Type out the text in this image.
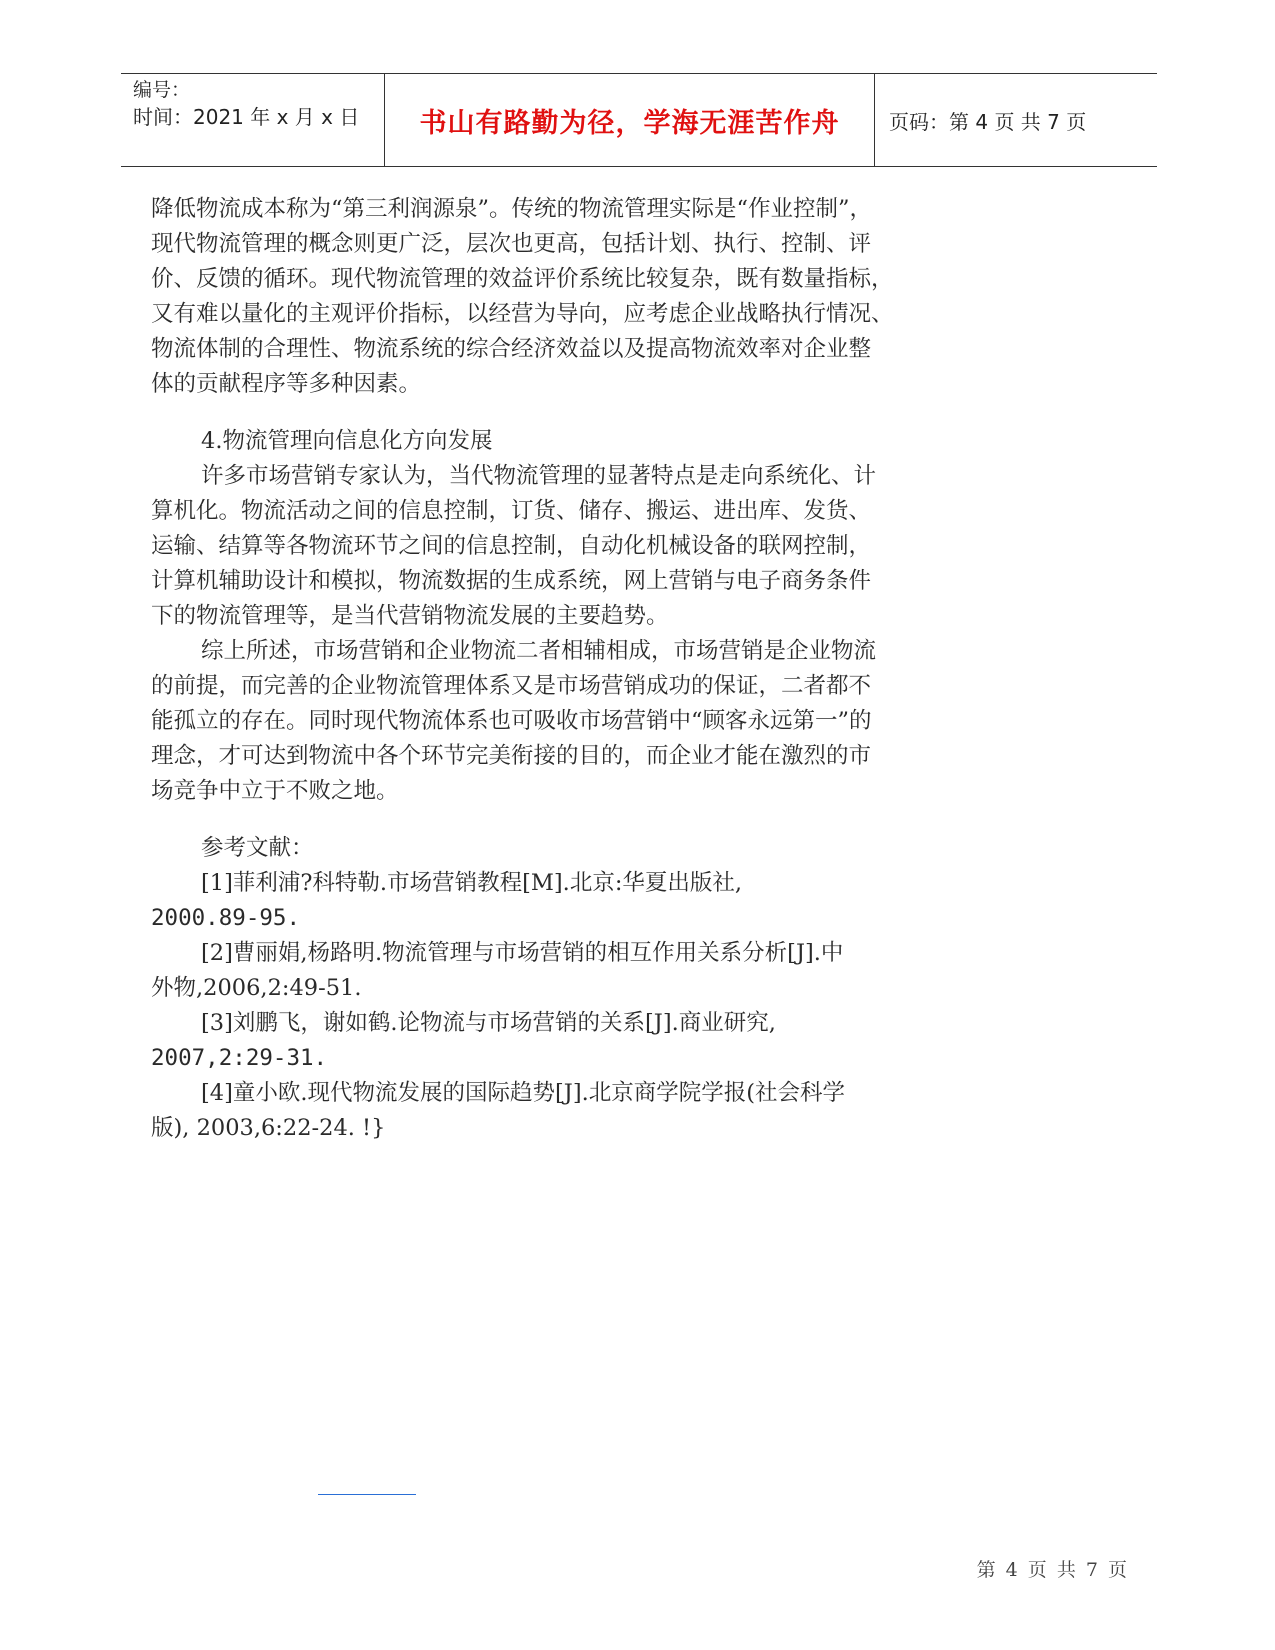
编号：
时间：2021 年 x 月 x 日 书山有路勤为径，学海无涯苦作舟 页码：第 4 页 共 7 页

降低物流成本称为“第三利润源泉”。传统的物流管理实际是“作业控制”，

现代物流管理的概念则更广泛，层次也更高，包括计划、执行、控制、评

价、反馈的循环。现代物流管理的效益评价系统比较复杂，既有数量指标，

又有难以量化的主观评价指标，以经营为导向，应考虑企业战略执行情况、

物流体制的合理性、物流系统的综合经济效益以及提高物流效率对企业整

体的贡献程序等多种因素。

4.物流管理向信息化方向发展

许多市场营销专家认为，当代物流管理的显著特点是走向系统化、计

算机化。物流活动之间的信息控制，订货、储存、搬运、进出库、发货、

运输、结算等各物流环节之间的信息控制，自动化机械设备的联网控制，

计算机辅助设计和模拟，物流数据的生成系统，网上营销与电子商务条件

下的物流管理等，是当代营销物流发展的主要趋势。

综上所述，市场营销和企业物流二者相辅相成，市场营销是企业物流

的前提，而完善的企业物流管理体系又是市场营销成功的保证，二者都不

能孤立的存在。同时现代物流体系也可吸收市场营销中“顾客永远第一”的

理念，才可达到物流中各个环节完美衔接的目的，而企业才能在激烈的市

场竞争中立于不败之地。

参考文献：

[1]菲利浦?科特勒.市场营销教程[M].北京:华夏出版社,

2000.89-95.

[2]曹丽娟,杨路明.物流管理与市场营销的相互作用关系分析[J].中

外物,2006,2:49-51.

[3]刘鹏飞，谢如鹤.论物流与市场营销的关系[J].商业研究,

2007,2:29-31.

[4]童小欧.现代物流发展的国际趋势[J].北京商学院学报(社会科学

版), 2003,6:22-24. !}

第 4 页 共 7 页
